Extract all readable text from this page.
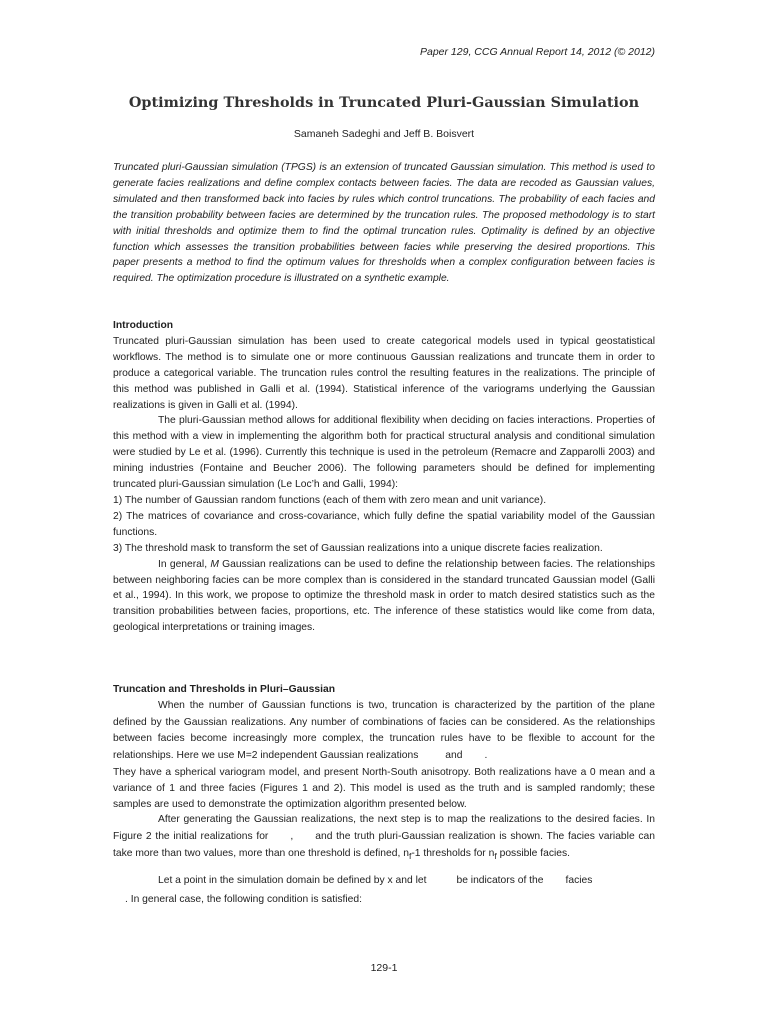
Paper 129, CCG Annual Report 14, 2012 (© 2012)
Optimizing Thresholds in Truncated Pluri-Gaussian Simulation
Samaneh Sadeghi and Jeff B. Boisvert

Truncated pluri-Gaussian simulation (TPGS) is an extension of truncated Gaussian simulation. This method is used to generate facies realizations and define complex contacts between facies. The data are recoded as Gaussian values, simulated and then transformed back into facies by rules which control truncations. The probability of each facies and the transition probability between facies are determined by the truncation rules. The proposed methodology is to start with initial thresholds and optimize them to find the optimal truncation rules. Optimality is defined by an objective function which assesses the transition probabilities between facies while preserving the desired proportions. This paper presents a method to find the optimum values for thresholds when a complex configuration between facies is required. The optimization procedure is illustrated on a synthetic example.

Introduction

Truncated pluri-Gaussian simulation has been used to create categorical models used in typical geostatistical workflows. The method is to simulate one or more continuous Gaussian realizations and truncate them in order to produce a categorical variable. The truncation rules control the resulting features in the realizations. The principle of this method was published in Galli et al. (1994). Statistical inference of the variograms underlying the Gaussian realizations is given in Galli et al. (1994).

The pluri-Gaussian method allows for additional flexibility when deciding on facies interactions. Properties of this method with a view in implementing the algorithm both for practical structural analysis and conditional simulation were studied by Le et al. (1996). Currently this technique is used in the petroleum (Remacre and Zapparolli 2003) and mining industries (Fontaine and Beucher 2006). The following parameters should be defined for implementing truncated pluri-Gaussian simulation (Le Loc’h and Galli, 1994):

1) The number of Gaussian random functions (each of them with zero mean and unit variance).

2) The matrices of covariance and cross-covariance, which fully define the spatial variability model of the Gaussian functions.

3) The threshold mask to transform the set of Gaussian realizations into a unique discrete facies realization.

In general, M Gaussian realizations can be used to define the relationship between facies. The relationships between neighboring facies can be more complex than is considered in the standard truncated Gaussian model (Galli et al., 1994). In this work, we propose to optimize the threshold mask in order to match desired statistics such as the transition probabilities between facies, proportions, etc. The inference of these statistics would like come from data, geological interpretations or training images.

Truncation and Thresholds in Pluri–Gaussian

When the number of Gaussian functions is two, truncation is characterized by the partition of the plane defined by the Gaussian realizations. Any number of combinations of facies can be considered. As the relationships between facies become increasingly more complex, the truncation rules have to be flexible to account for the relationships. Here we use M=2 independent Gaussian realizations	and .

They have a spherical variogram model, and present North-South anisotropy. Both realizations have a 0 mean and a variance of 1 and three facies (Figures 1 and 2). This model is used as the truth and is sampled randomly; these samples are used to demonstrate the optimization algorithm presented below.

After generating the Gaussian realizations, the next step is to map the realizations to the desired facies. In Figure 2 the initial realizations for , and the truth pluri-Gaussian realization is shown. The facies variable can take more than two values, more than one threshold is defined, $n_f-1$ thresholds for $n_f$ possible facies.

Let a point in the simulation domain be defined by x and let	be indicators of the facies
. In general case, the following condition is satisfied:

129-1
